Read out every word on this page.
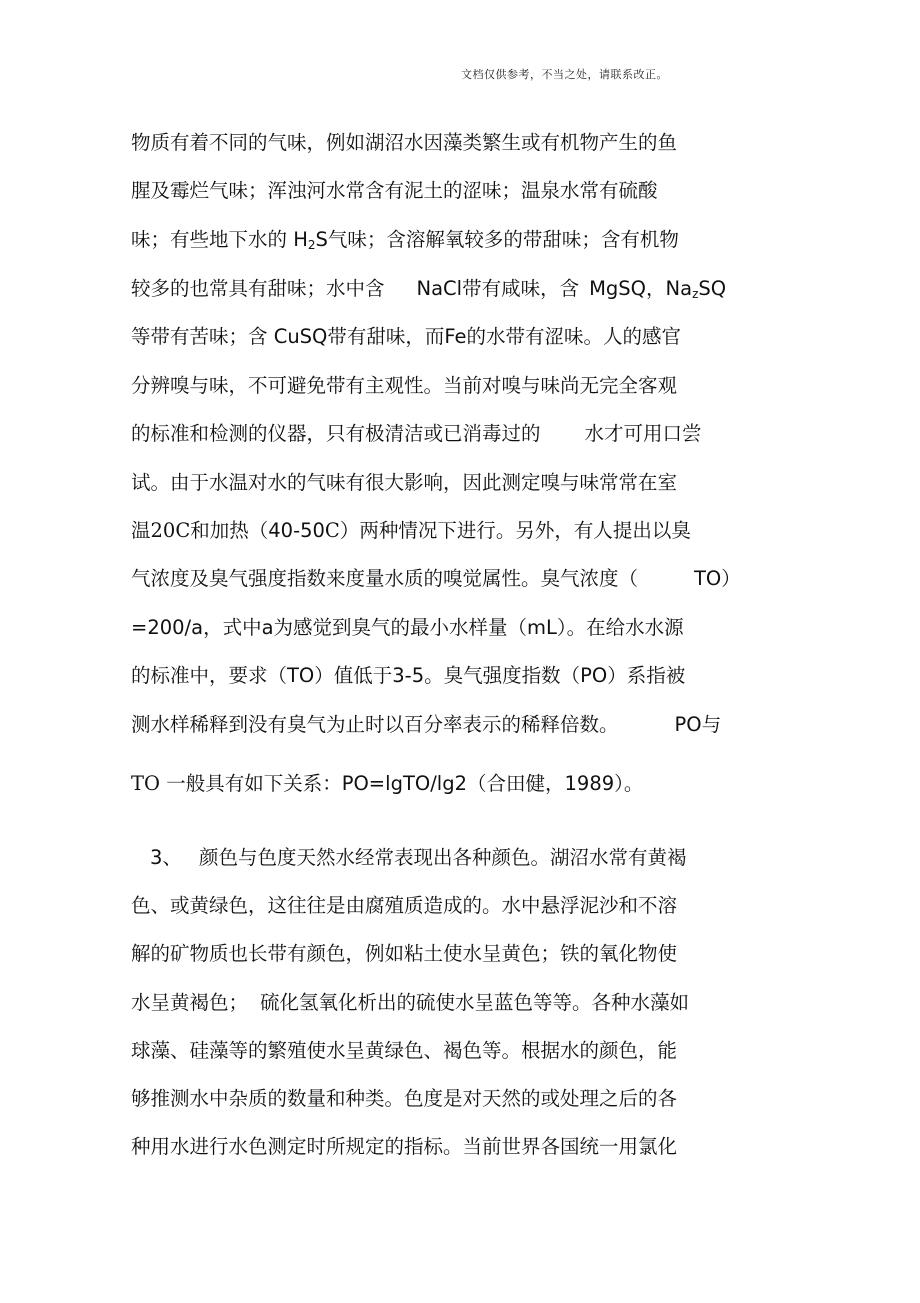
文档仅供参考，不当之处，请联系改正。
物质有着不同的气味，例如湖沼水因藻类繁生或有机物产生的鱼
腥及霉烂气味；浑浊河水常含有泥土的涩味；温泉水常有硫酸
味；有些地下水的 $H_2S$气味；含溶解氧较多的带甜味；含有机物
较多的也常具有甜味；水中含 NaCl带有咸味，含 MgSQ，$Na_zSQ$
等带有苦味；含 CuSQ带有甜味，而Fe的水带有涩味。人的感官
分辨嗅与味，不可避免带有主观性。当前对嗅与味尚无完全客观
的标准和检测的仪器，只有极清洁或已消毒过的 水才可用口尝
试。由于水温对水的气味有很大影响，因此测定嗅与味常常在室
温20C和加热（40-50C）两种情况下进行。另外，有人提出以臭
气浓度及臭气强度指数来度量水质的嗅觉属性。臭气浓度（	TO）
=200/a，式中a为感觉到臭气的最小水样量（mL）。在给水水源
的标准中，要求（TO）值低于3-5。臭气强度指数（PO）系指被
测水样稀释到没有臭气为止时以百分率表示的稀释倍数。	PO与
TO 一般具有如下关系：PO=lgTO/lg2（合田健，1989）。
3、 颜色与色度天然水经常表现出各种颜色。湖沼水常有黄褐
色、或黄绿色，这往往是由腐殖质造成的。水中悬浮泥沙和不溶
解的矿物质也长带有颜色，例如粘土使水呈黄色；铁的氧化物使
水呈黄褐色； 硫化氢氧化析出的硫使水呈蓝色等等。各种水藻如
球藻、硅藻等的繁殖使水呈黄绿色、褐色等。根据水的颜色，能
够推测水中杂质的数量和种类。色度是对天然的或处理之后的各
种用水进行水色测定时所规定的指标。当前世界各国统一用氯化
